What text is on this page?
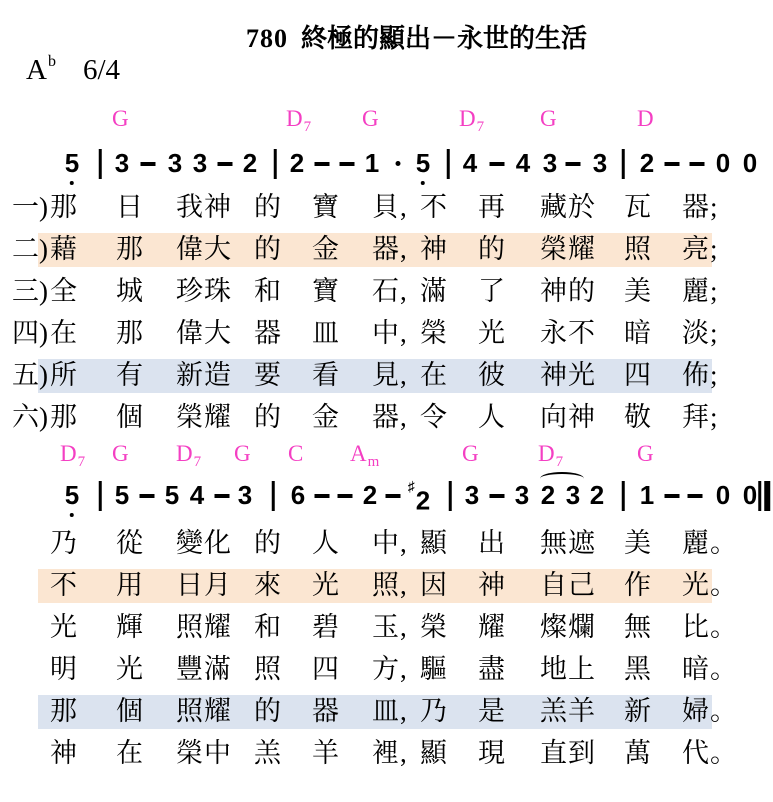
780 終極的顯出－永世的生活
$A^b$ 6/4
G	$D_7$ G	$D_7$ G	D
5 3 3 3 2 2 1 5 4 4 3 3 2 0 0
一) 那 日 我神 的 寶 貝, 不 再 藏於 瓦 器;
二) 藉 那 偉大 的 金 器, 神 的 榮耀 照 亮;
三) 全 城 珍珠 和 寶 石, 滿 了 神的 美 麗;
四) 在 那 偉大 器 皿 中, 榮 光 永不 暗 淡;
五) 所 有 新造 要 看 見, 在 彼 神光 四 佈;
六) 那 個 榮耀 的 金 器, 令 人 向神 敬 拜;
$D_7$ G $D_7$ G C $A_m$	G	$D_7$	G
5 5 5 4 3 6 2 ♯2 3 3 2 3 2 1 0 0
乃 從 變化 的 人 中, 顯 出 無遮 美 麗。
不 用 日月 來 光 照, 因 神 自己 作 光。
光 輝 照耀 和 碧 玉, 榮 耀 燦爛 無 比。
明 光 豐滿 照 四 方, 驅 盡 地上 黑 暗。
那 個 照耀 的 器 皿, 乃 是 羔羊 新 婦。
神 在 榮中 羔 羊 裡, 顯 現 直到 萬 代。
